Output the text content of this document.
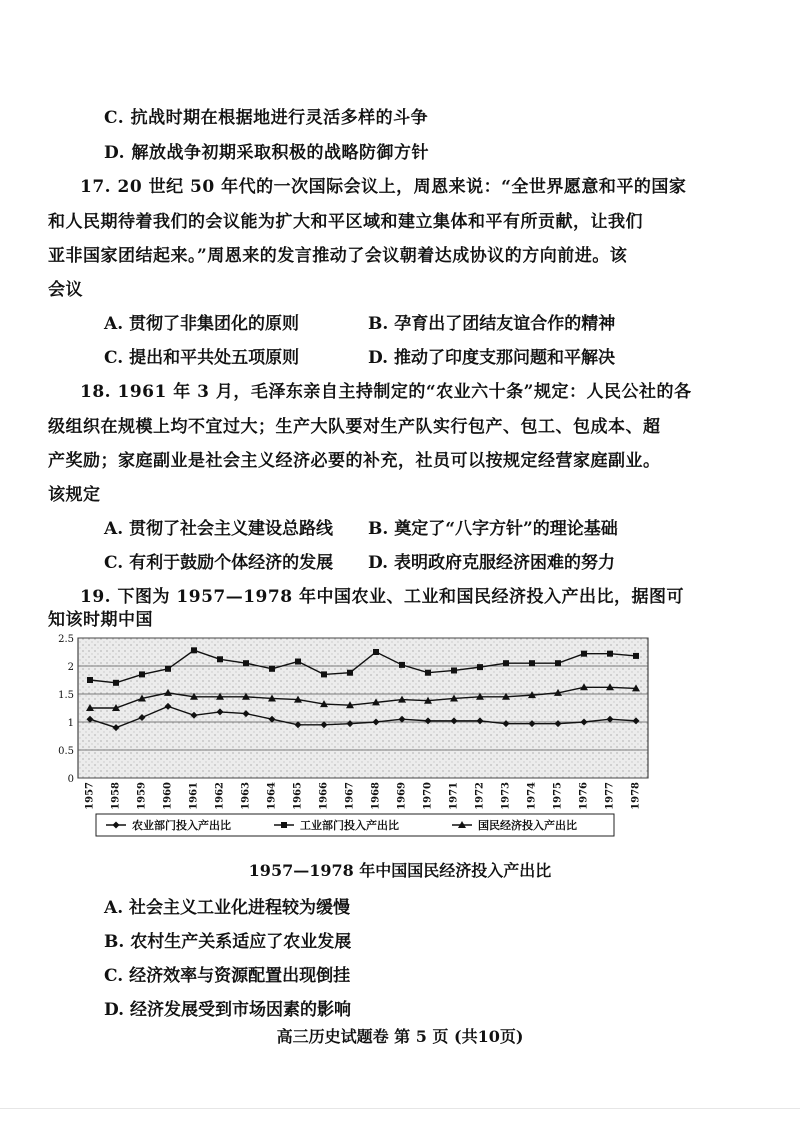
C. 抗战时期在根据地进行灵活多样的斗争
D. 解放战争初期采取积极的战略防御方针
17. 20 世纪 50 年代的一次国际会议上，周恩来说：“全世界愿意和平的国家
和人民期待着我们的会议能为扩大和平区域和建立集体和平有所贡献，让我们
亚非国家团结起来。”周恩来的发言推动了会议朝着达成协议的方向前进。该
会议
A. 贯彻了非集团化的原则	B. 孕育出了团结友谊合作的精神
C. 提出和平共处五项原则	D. 推动了印度支那问题和平解决
18. 1961 年 3 月，毛泽东亲自主持制定的“农业六十条”规定：人民公社的各
级组织在规模上均不宜过大；生产大队要对生产队实行包产、包工、包成本、超
产奖励；家庭副业是社会主义经济必要的补充，社员可以按规定经营家庭副业。
该规定
A. 贯彻了社会主义建设总路线 B. 奠定了“八字方针”的理论基础
C. 有利于鼓励个体经济的发展 D. 表明政府克服经济困难的努力
19. 下图为 1957—1978 年中国农业、工业和国民经济投入产出比，据图可
知该时期中国
0
0.5
1
1.5
2
2.5
1957 1958 1959 1960 1961 1962 1963 1964 1965 1966 1967 1968 1969 1970 1971 1972 1973 1974 1975 1976 1977 1978
农业部门投入产出比	工业部门投入产出比	国民经济投入产出比
1957—1978 年中国国民经济投入产出比
A. 社会主义工业化进程较为缓慢
B. 农村生产关系适应了农业发展
C. 经济效率与资源配置出现倒挂
D. 经济发展受到市场因素的影响
高三历史试题卷 第 5 页 (共10页)
